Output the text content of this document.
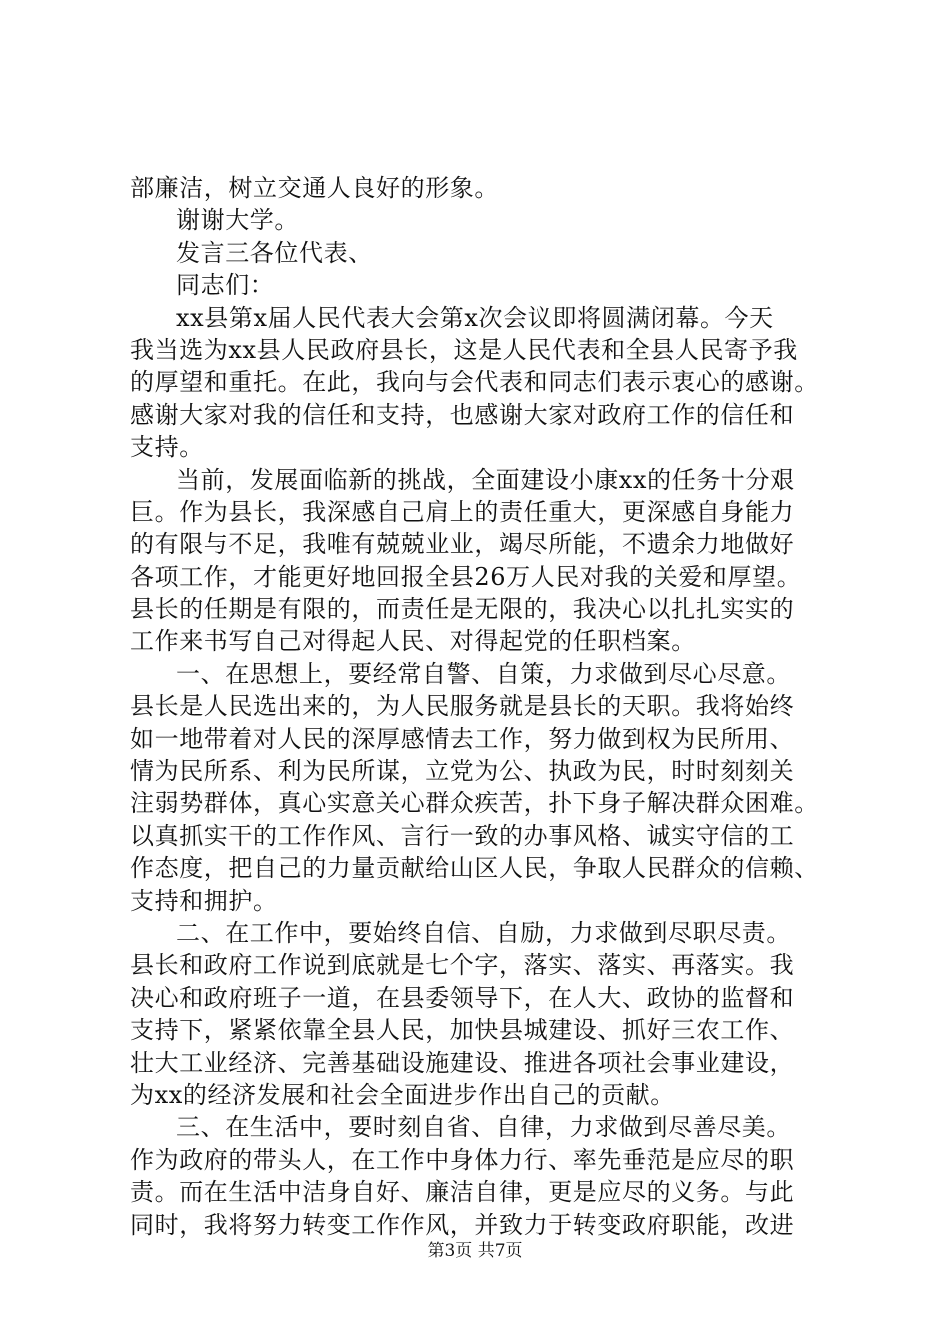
部廉洁，树立交通人良好的形象。
谢谢大学。
发言三各位代表、
同志们：
xx县第x届人民代表大会第x次会议即将圆满闭幕。今天
我当选为xx县人民政府县长，这是人民代表和全县人民寄予我
的厚望和重托。在此，我向与会代表和同志们表示衷心的感谢。
感谢大家对我的信任和支持，也感谢大家对政府工作的信任和
支持。
当前，发展面临新的挑战，全面建设小康xx的任务十分艰
巨。作为县长，我深感自己肩上的责任重大，更深感自身能力
的有限与不足，我唯有兢兢业业，竭尽所能，不遗余力地做好
各项工作，才能更好地回报全县26万人民对我的关爱和厚望。
县长的任期是有限的，而责任是无限的，我决心以扎扎实实的
工作来书写自己对得起人民、对得起党的任职档案。
一、在思想上，要经常自警、自策，力求做到尽心尽意。
县长是人民选出来的，为人民服务就是县长的天职。我将始终
如一地带着对人民的深厚感情去工作，努力做到权为民所用、
情为民所系、利为民所谋，立党为公、执政为民，时时刻刻关
注弱势群体，真心实意关心群众疾苦，扑下身子解决群众困难。
以真抓实干的工作作风、言行一致的办事风格、诚实守信的工
作态度，把自己的力量贡献给山区人民，争取人民群众的信赖、
支持和拥护。
二、在工作中，要始终自信、自励，力求做到尽职尽责。
县长和政府工作说到底就是七个字，落实、落实、再落实。我
决心和政府班子一道，在县委领导下，在人大、政协的监督和
支持下，紧紧依靠全县人民，加快县城建设、抓好三农工作、
壮大工业经济、完善基础设施建设、推进各项社会事业建设，
为xx的经济发展和社会全面进步作出自己的贡献。
三、在生活中，要时刻自省、自律，力求做到尽善尽美。
作为政府的带头人，在工作中身体力行、率先垂范是应尽的职
责。而在生活中洁身自好、廉洁自律，更是应尽的义务。与此
同时，我将努力转变工作作风，并致力于转变政府职能，改进
第3页 共7页
